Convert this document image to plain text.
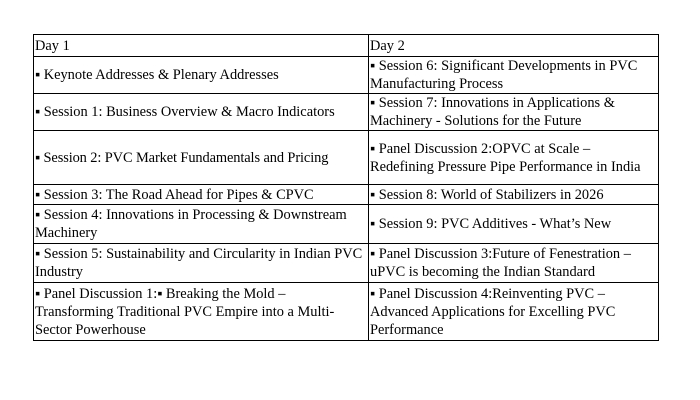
Day 1	Day 2
▪ Keynote Addresses & Plenary Addresses	▪ Session 6: Significant Developments in PVC Manufacturing Process
▪ Session 1: Business Overview & Macro Indicators	▪ Session 7: Innovations in Applications & Machinery - Solutions for the Future
▪ Session 2: PVC Market Fundamentals and Pricing	▪ Panel Discussion 2:OPVC at Scale – Redefining Pressure Pipe Performance in India
▪ Session 3: The Road Ahead for Pipes & CPVC	▪ Session 8: World of Stabilizers in 2026
▪ Session 4: Innovations in Processing & Downstream Machinery	▪ Session 9: PVC Additives - What’s New
▪ Session 5: Sustainability and Circularity in Indian PVC Industry	▪ Panel Discussion 3:Future of Fenestration – uPVC is becoming the Indian Standard
▪ Panel Discussion 1:▪ Breaking the Mold – Transforming Traditional PVC Empire into a Multi-Sector Powerhouse	▪ Panel Discussion 4:Reinventing PVC – Advanced Applications for Excelling PVC Performance
